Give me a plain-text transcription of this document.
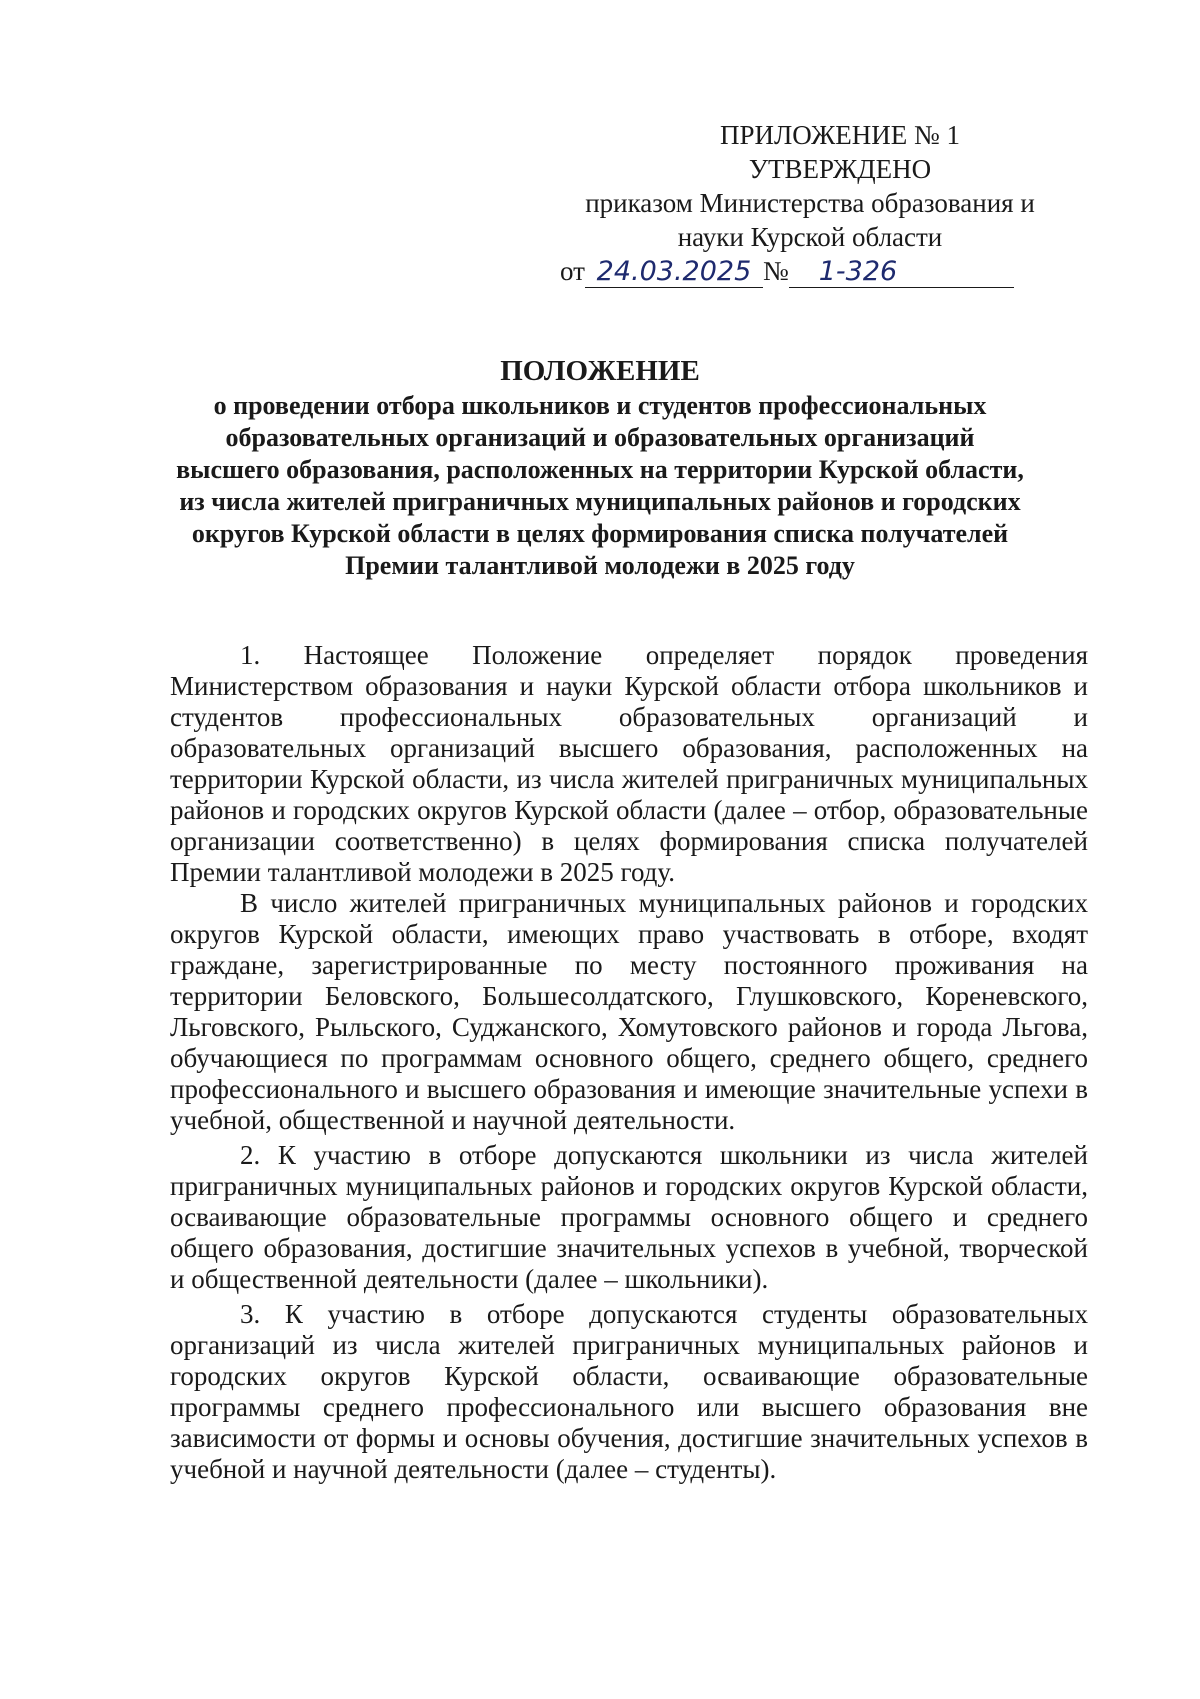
ПРИЛОЖЕНИЕ № 1
УТВЕРЖДЕНО
приказом Министерства образования и
науки Курской области
от 24.03.2025 № 1-326
ПОЛОЖЕНИЕ
о проведении отбора школьников и студентов профессиональных образовательных организаций и образовательных организаций высшего образования, расположенных на территории Курской области, из числа жителей приграничных муниципальных районов и городских округов Курской области в целях формирования списка получателей Премии талантливой молодежи в 2025 году

1. Настоящее Положение определяет порядок проведения Министерством образования и науки Курской области отбора школьников и студентов профессиональных образовательных организаций и образовательных организаций высшего образования, расположенных на территории Курской области, из числа жителей приграничных муниципальных районов и городских округов Курской области (далее – отбор, образовательные организации соответственно) в целях формирования списка получателей Премии талантливой молодежи в 2025 году.

В число жителей приграничных муниципальных районов и городских округов Курской области, имеющих право участвовать в отборе, входят граждане, зарегистрированные по месту постоянного проживания на территории Беловского, Большесолдатского, Глушковского, Кореневского, Льговского, Рыльского, Суджанского, Хомутовского районов и города Льгова, обучающиеся по программам основного общего, среднего общего, среднего профессионального и высшего образования и имеющие значительные успехи в учебной, общественной и научной деятельности.

2. К участию в отборе допускаются школьники из числа жителей приграничных муниципальных районов и городских округов Курской области, осваивающие образовательные программы основного общего и среднего общего образования, достигшие значительных успехов в учебной, творческой и общественной деятельности (далее – школьники).

3. К участию в отборе допускаются студенты образовательных организаций из числа жителей приграничных муниципальных районов и городских округов Курской области, осваивающие образовательные программы среднего профессионального или высшего образования вне зависимости от формы и основы обучения, достигшие значительных успехов в учебной и научной деятельности (далее – студенты).
